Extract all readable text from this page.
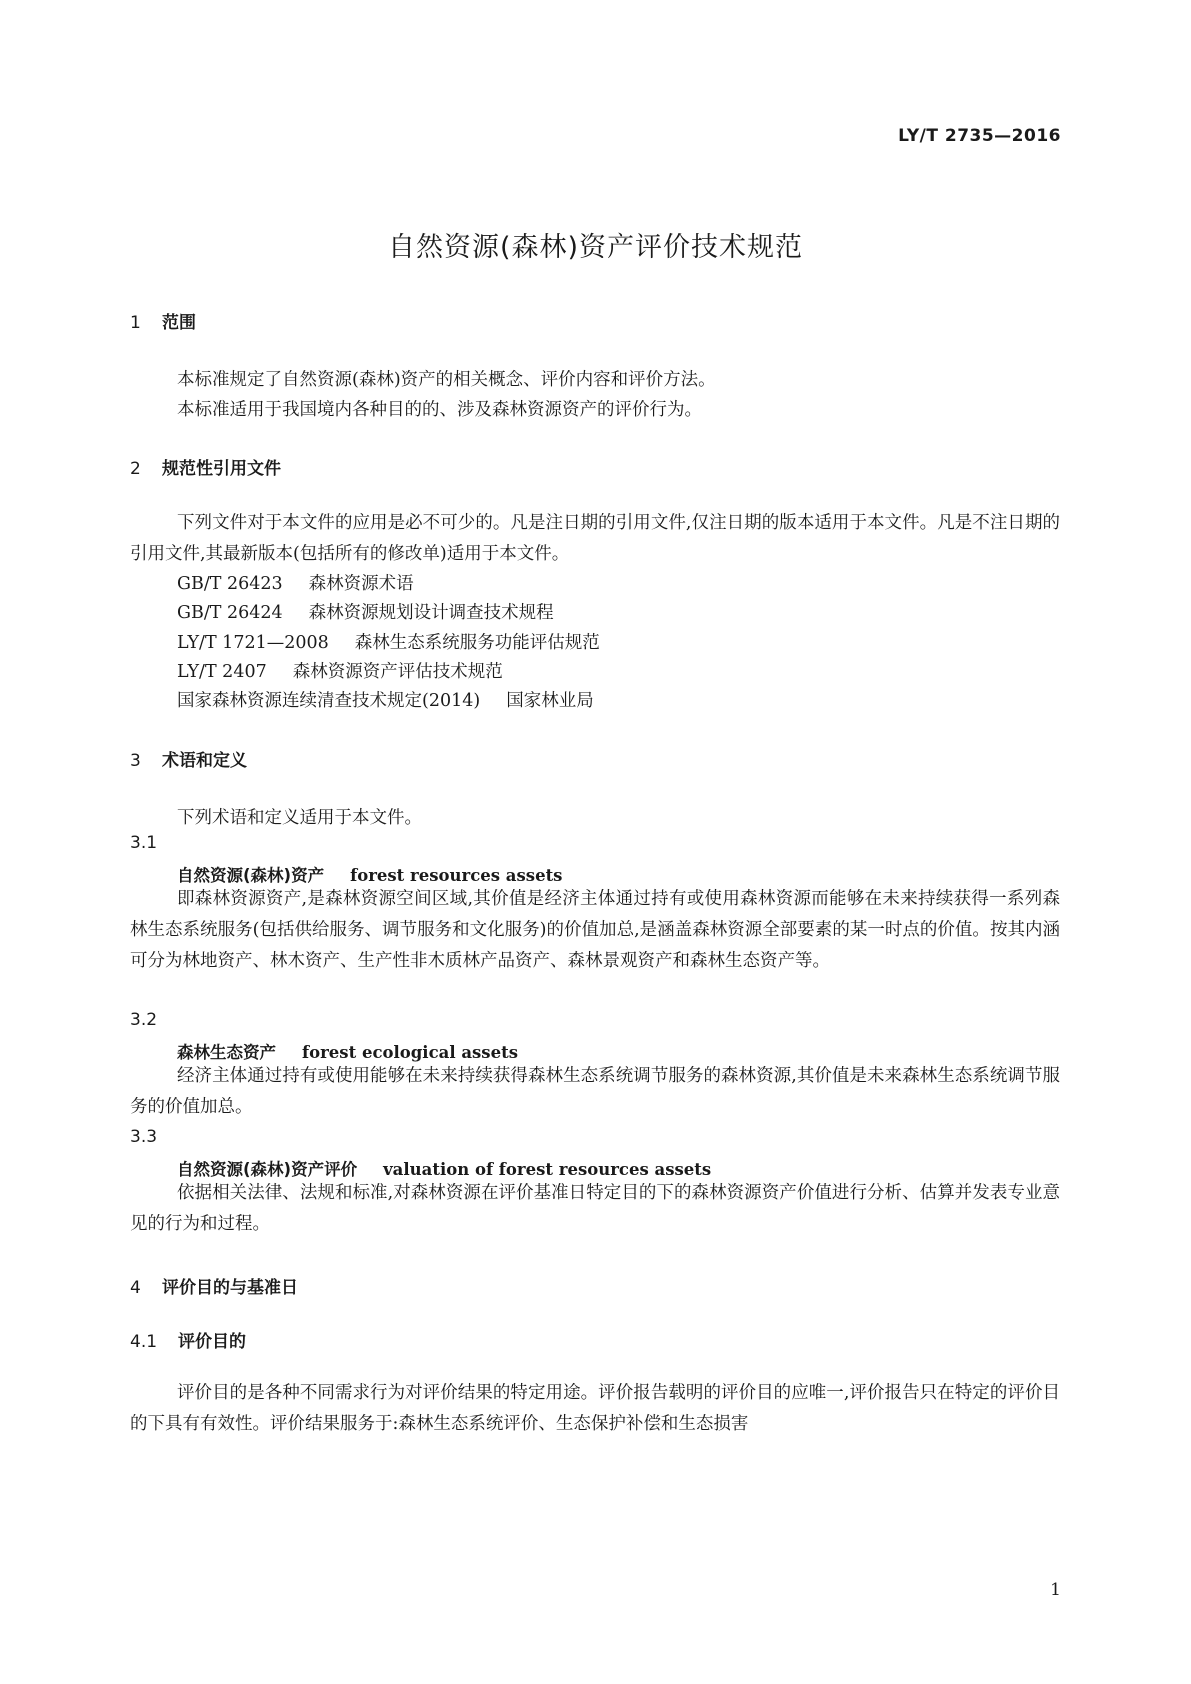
LY/T 2735—2016
自然资源(森林)资产评价技术规范
1 范围
本标准规定了自然资源(森林)资产的相关概念、评价内容和评价方法。
本标准适用于我国境内各种目的的、涉及森林资源资产的评价行为。
2 规范性引用文件
下列文件对于本文件的应用是必不可少的。凡是注日期的引用文件,仅注日期的版本适用于本文件。凡是不注日期的引用文件,其最新版本(包括所有的修改单)适用于本文件。
GB/T 26423 森林资源术语
GB/T 26424 森林资源规划设计调查技术规程
LY/T 1721—2008 森林生态系统服务功能评估规范
LY/T 2407 森林资源资产评估技术规范
国家森林资源连续清查技术规定(2014) 国家林业局
3 术语和定义
下列术语和定义适用于本文件。
3.1
自然资源(森林)资产 forest resources assets
即森林资源资产,是森林资源空间区域,其价值是经济主体通过持有或使用森林资源而能够在未来持续获得一系列森林生态系统服务(包括供给服务、调节服务和文化服务)的价值加总,是涵盖森林资源全部要素的某一时点的价值。按其内涵可分为林地资产、林木资产、生产性非木质林产品资产、森林景观资产和森林生态资产等。
3.2
森林生态资产 forest ecological assets
经济主体通过持有或使用能够在未来持续获得森林生态系统调节服务的森林资源,其价值是未来森林生态系统调节服务的价值加总。
3.3
自然资源(森林)资产评价 valuation of forest resources assets
依据相关法律、法规和标准,对森林资源在评价基准日特定目的下的森林资源资产价值进行分析、估算并发表专业意见的行为和过程。
4 评价目的与基准日
4.1 评价目的
评价目的是各种不同需求行为对评价结果的特定用途。评价报告载明的评价目的应唯一,评价报告只在特定的评价目的下具有有效性。评价结果服务于:森林生态系统评价、生态保护补偿和生态损害
1
